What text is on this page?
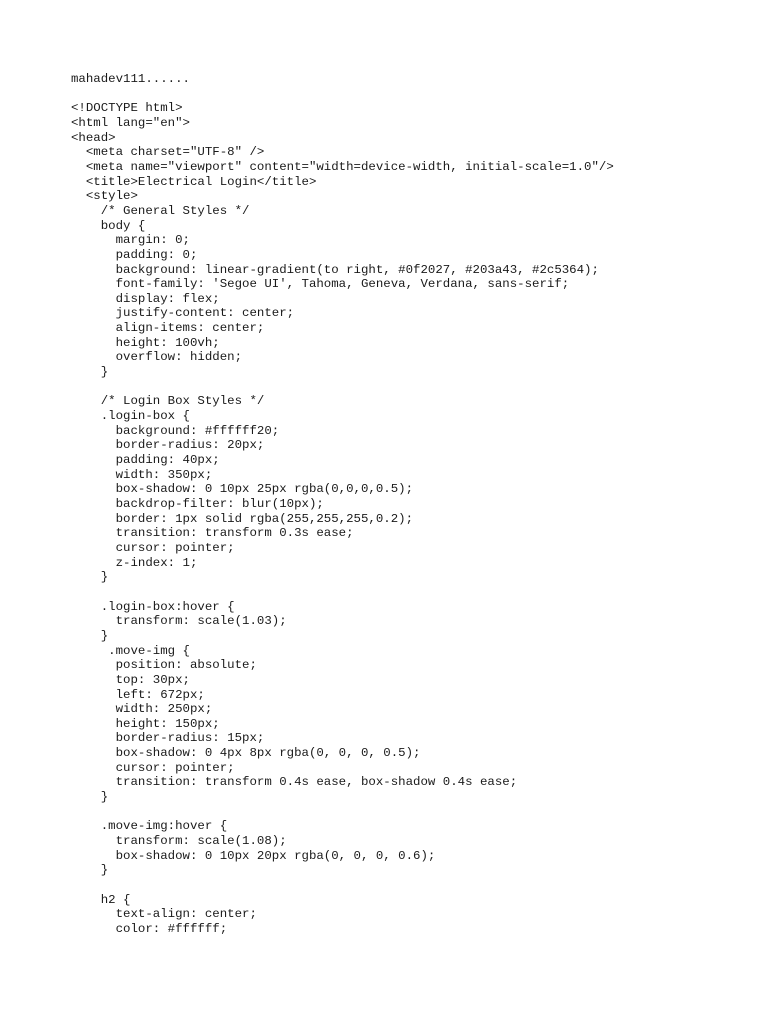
mahadev111......
<!DOCTYPE html>
<html lang="en">
<head>
<meta charset="UTF-8" />
<meta name="viewport" content="width=device-width, initial-scale=1.0"/>
<title>Electrical Login</title>
<style>
/* General Styles */
body {
margin: 0;
padding: 0;
background: linear-gradient(to right, #0f2027, #203a43, #2c5364);
font-family: 'Segoe UI', Tahoma, Geneva, Verdana, sans-serif;
display: flex;
justify-content: center;
align-items: center;
height: 100vh;
overflow: hidden;
}
/* Login Box Styles */
.login-box {
background: #ffffff20;
border-radius: 20px;
padding: 40px;
width: 350px;
box-shadow: 0 10px 25px rgba(0,0,0,0.5);
backdrop-filter: blur(10px);
border: 1px solid rgba(255,255,255,0.2);
transition: transform 0.3s ease;
cursor: pointer;
z-index: 1;
}
.login-box:hover {
transform: scale(1.03);
}
.move-img {
position: absolute;
top: 30px;
left: 672px;
width: 250px;
height: 150px;
border-radius: 15px;
box-shadow: 0 4px 8px rgba(0, 0, 0, 0.5);
cursor: pointer;
transition: transform 0.4s ease, box-shadow 0.4s ease;
}
.move-img:hover {
transform: scale(1.08);
box-shadow: 0 10px 20px rgba(0, 0, 0, 0.6);
}
h2 {
text-align: center;
color: #ffffff;
